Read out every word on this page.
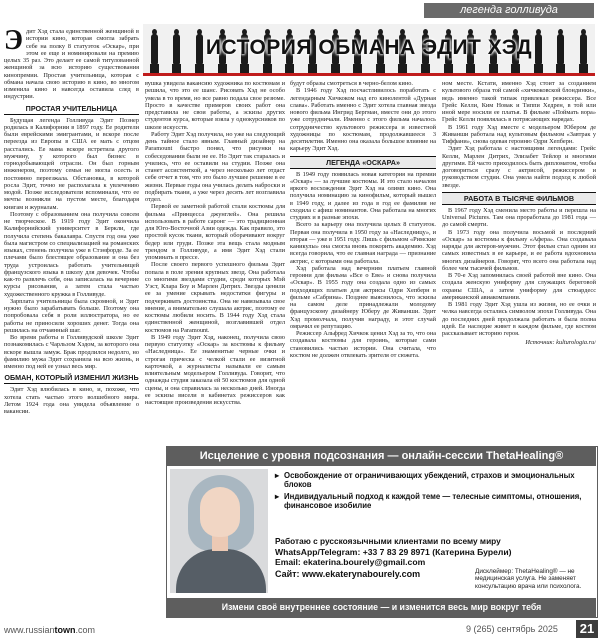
легенда голливуда
ИСТОРИЯ ОБМАНА ЭДИТ ХЭД
Э дит Хэд стала единственной женщиной в истории кино, которая смогла забрать себе на полку 8 статуэток «Оскар», при этом ее еще и номинировали на премию целых 35 раз. Это делает ее самой титулованной женщиной за всю историю существования кинопремии. Простая учительница, которая с обмана начала свою историю в кино, во многом изменила кино и навсегда оставила след в индустрии.

ПРОСТАЯ УЧИТЕЛЬНИЦА

Будущая легенда Голливуда Эдит Познер родилась в Калифорнии в 1897 году. Ее родители были еврейскими эмигрантами, и вскоре после переезда из Европы в США ее мать с отцом расстались. Ее мама вскоре встретила другого мужчину, у которого был бизнес в горнодобывающей отрасли. Он был горным инженером, поэтому семья не могла осесть и постоянно переезжала. Обстановка, в которой росла Эдит, точно не располагала к увлечению модой. Позже исследователи вспоминали, что ее мечты возникли на пустом месте, благодаря книгам и журналам.

Поэтому с образованием она получила совсем не творческое. В 1919 году Эдит окончила Калифорнийский университет в Беркли, где получила степень бакалавра. Спустя год она уже была магистром со специализацией на романских языках, стенень получила уже в Стэнфорде. За ее плечами было блестящее образование и она без труда устроилась работать учительницей французского языка в школу для девочек. Чтобы как-то развлечь себя, она записалась на вечерние курсы рисования, а затем стала частью художественного кружка в Голливуде.

Зарплата учительницы была скромной, и Эдит нужно было зарабатывать больше. Поэтому она попробовала себя в роли иллюстратора, но ее работы не приносили хороших денег. Тогда она решилась на отчаянный шаг.

Во время работы в Голливудской школе Эдит познакомилась с Чарльзом Хэдом, за которого она вскоре вышла замуж. Брак продлился недолго, но фамилию мужа Эдит сохранила на всю жизнь, и именно под ней ее узнал весь мир.

ОБМАН, КОТОРЫЙ ИЗМЕНИЛ ЖИЗНЬ

Эдит Хэд влюбилась в кино, и, похоже, что хотела стать частью этого волшебного мира. Летом 1924 года она увидела объявление о вакансии.

вушка увидела вакансию художника по костюмам и решила, что это ее шанс. Рисовать Хэд не особо умела в то время, но все равно подала свое резюме. Просто в качестве примеров своих работ она представила не свои работы, а эскизы других студентов курса, которые взяла у однокурсников по школе искусств.

Работу Эдит Хэд получила, но уже на следующий день тайное стало явным. Главный дизайнер на Paramount быстро понял, что рисунки на собеседовании были не ее. Но Эдит так старалась и учились, что ее оставили на студии. Позже она станет ассистенткой, а через несколько лет отдаст себе отчет в том, что это было лучшее решение в ее жизни. Первые годы она училась делать наброски и подбирать ткани, а уже через десять лет возглавила отдел.

Первой ее заметной работой стали костюмы для фильма «Принцесса джунглей». Она решила использовать в работе саронг — это традиционная для Юго-Восточной Азии одежда. Как правило, это простой кусок ткани, который оборачивают вокруг бедер или груди. Позже эта вещь стала модным трендом в Голливуде, а имя Эдит Хэд стали упоминать в прессе.

После своего первого успешного фильма Эдит попала в поле зрения крупных звезд. Она работала со многими звездами студии, среди которых Мэй Уэст, Клара Боу и Марлен Дитрих. Звезды ценили ее за умение скрывать недостатки фигуры и подчеркивать достоинства. Она не навязывала свое мнение, а внимательно слушала актрис, поэтому ее костюмы любили носить. В 1944 году Хэд стала единственной женщиной, возглавившей отдел костюмов на Paramount.

В 1949 году Эдит Хэд, наконец, получила свою первую статуэтку «Оскар» за костюмы к фильму «Наследница». Ее знаменитые черные очки и строгая прическа с челкой стали ее визитной карточкой, а журналисты называли ее самым влиятельным модельером Голливуда. Говорят, что однажды студия заказала ей 50 костюмов для одной сцены, и она справилась за несколько дней. Иногда ее эскизы висели в кабинетах режиссеров как настоящие произведения искусства.

будут образы смотреться в черно-белом кино.

В 1946 году Хэд посчастливилось поработать с легендарным Хичкоком над его кинолентой «Дурная слава». Работать именно с Эдит хотела главная звезда нового фильма Ингрид Бергман, вместе они до этого уже сотрудничали. Именно с этого фильма началось сотрудничество культового режиссера и известной художницы по костюмам, продолжавшееся 3 десятилетия. Именно она оказала большое влияние на карьеру Эдит Хэд.

ЛЕГЕНДА «ОСКАРА»

В 1949 году появилась новая категория на премии «Оскар» — за лучшие костюмы. И это стало началом яркого восхождения Эдит Хэд на олимп кино. Она получила номинацию за кинофильм, который вышел в 1949 году, и далее из года в год ее фамилия не сходила с афиш номинантов. Она работала на многих студиях и в разные эпохи.

Всего за карьеру она получила целых 8 статуэток. Первая она получила в 1950 году за «Наследницу», и вторая — уже в 1951 году. Лишь с фильмом «Римские каникулы» она смогла вновь покорить академию. Хэд всегда говорила, что ее главная награда — признание актрис, с которыми она работала.

Хэд работала над вечерним платьем главной героини для фильма «Все о Еве» и снова получила «Оскар». В 1955 году она создала одно из самых подходящих платьев для актрисы Одри Хепберн в фильме «Сабрина». Позднее выяснилось, что эскизы на самом деле принадлежали молодому французскому дизайнеру Юберу де Живанши. Эдит Хэд промолчала, получив награду, и этот случай омрачил ее репутацию.

Режиссер Альфред Хичкок ценил Хэд за то, что она создавала костюмы для героинь, которые сами становились частью истории. Она считала, что костюм не должен отвлекать зрителя от сюжета.

ном месте. Кстати, именно Хэд стоит за созданием культового образа той самой «хичкоковской блондинки», ведь именно такой типаж привлекал режиссера. Все Грейс Келли, Ким Новак и Типпи Хедрен, в той или иной мере носили ее платья. В фильме «Поймать вора» Грейс Келли появлялась в потрясающих нарядах.

В 1961 году Хэд вместе с модельером Юбером де Живанши работала над культовым фильмом «Завтрак у Тиффани», снова одевая героиню Одри Хепберн.

Эдит Хэд работала с настоящими легендами: Грейс Келли, Марлен Дитрих, Элизабет Тейлор и многими другими. Ей часто приходилось быть дипломатом, чтобы договориться сразу с актрисой, режиссером и руководством студии. Она умела найти подход к любой звезде.

РАБОТА В ТЫСЯЧЕ ФИЛЬМОВ

В 1967 году Хэд сменила место работы и перешла на Universal Pictures. Там она проработала до 1981 года — до самой смерти.

В 1973 году она получила восьмой и последний «Оскар» за костюмы к фильму «Афера». Она создавала наряды для актеров-мужчин. Этот фильм стал одним из самых известных в ее карьере, и ее работа вдохновила многих дизайнеров. Говорят, что всего она работала над более чем тысячей фильмов.

В 70-е Хэд запомнилась своей работой вне кино. Она создала женскую униформу для служащих береговой охраны США, а затем униформу для стюардесс американской авиакомпании.

В 1981 году Эдит Хэд ушла из жизни, но ее очки и челка навсегда остались символом эпохи Голливуда. Она до последних дней продолжала работать и была полна идей. Ее наследие живет в каждом фильме, где костюм рассказывает историю героя.

Источник: kulturologia.ru/
Исцеление с уровня подсознания — онлайн-сессии ThetaHealing®
▸ Освобождение от ограничивающих убеждений, страхов и эмоциональных блоков
▸ Индивидуальный подход к каждой теме — телесные симптомы, отношения, финансовое изобилие
Работаю с русскоязычными клиентами по всему миру
WhatsApp/Telegram: +33 7 83 29 8971 (Катерина Бурели)
Email: ekaterina.bourely@gmail.com
Сайт: www.ekaterynabourely.com	Дисклеймер: ThetaHealing® — не медицинская услуга. Не заменяет консультацию врача или психолога.
Измени своё внутреннее состояние — и изменится весь мир вокруг тебя
www.russiantown.com	9 (265) сентябрь 2025 21
